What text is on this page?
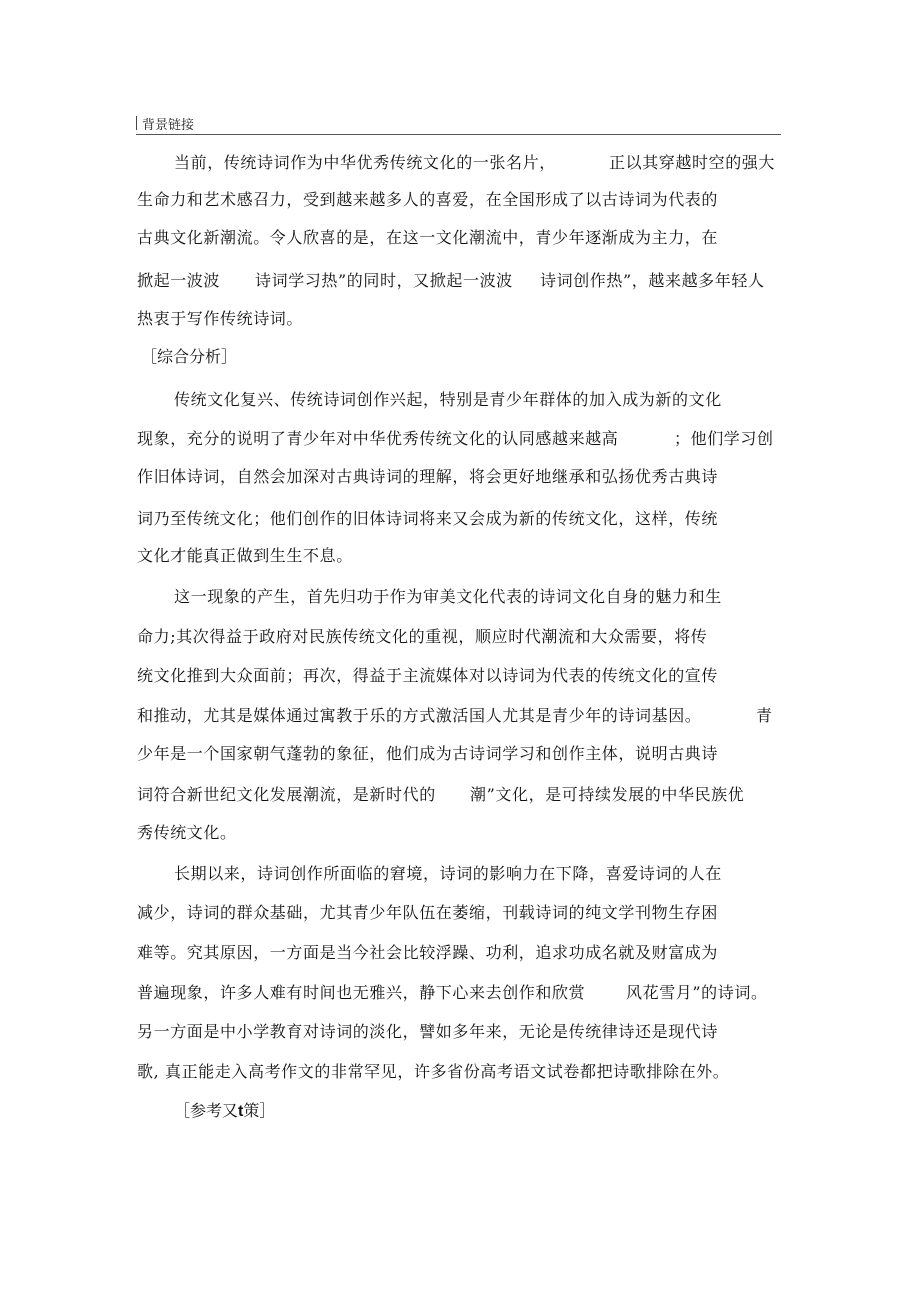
背景链接
当前，传统诗词作为中华优秀传统文化的一张名片，	正以其穿越时空的强大
生命力和艺术感召力，受到越来越多人的喜爱，在全国形成了以古诗词为代表的
古典文化新潮流。令人欣喜的是，在这一文化潮流中，青少年逐渐成为主力，在
掀起一波波 诗词学习热”的同时，又掀起一波波 诗词创作热”，越来越多年轻人
热衷于写作传统诗词。
［综合分析］
传统文化复兴、传统诗词创作兴起，特别是青少年群体的加入成为新的文化
现象，充分的说明了青少年对中华优秀传统文化的认同感越来越高	；他们学习创
作旧体诗词，自然会加深对古典诗词的理解，将会更好地继承和弘扬优秀古典诗
词乃至传统文化；他们创作的旧体诗词将来又会成为新的传统文化，这样，传统
文化才能真正做到生生不息。
这一现象的产生，首先归功于作为审美文化代表的诗词文化自身的魅力和生
命力;其次得益于政府对民族传统文化的重视，顺应时代潮流和大众需要，将传
统文化推到大众面前；再次，得益于主流媒体对以诗词为代表的传统文化的宣传
和推动，尤其是媒体通过寓教于乐的方式激活国人尤其是青少年的诗词基因。	青
少年是一个国家朝气蓬勃的象征，他们成为古诗词学习和创作主体，说明古典诗
词符合新世纪文化发展潮流，是新时代的 潮”文化，是可持续发展的中华民族优
秀传统文化。
长期以来，诗词创作所面临的窘境，诗词的影响力在下降，喜爱诗词的人在
减少，诗词的群众基础，尤其青少年队伍在萎缩，刊载诗词的纯文学刊物生存困
难等。究其原因，一方面是当今社会比较浮躁、功利，追求功成名就及财富成为
普遍现象，许多人难有时间也无雅兴，静下心来去创作和欣赏	风花雪月”的诗词。
另一方面是中小学教育对诗词的淡化，譬如多年来，无论是传统律诗还是现代诗
歌, 真正能走入高考作文的非常罕见，许多省份高考语文试卷都把诗歌排除在外。
［参考又t策］
